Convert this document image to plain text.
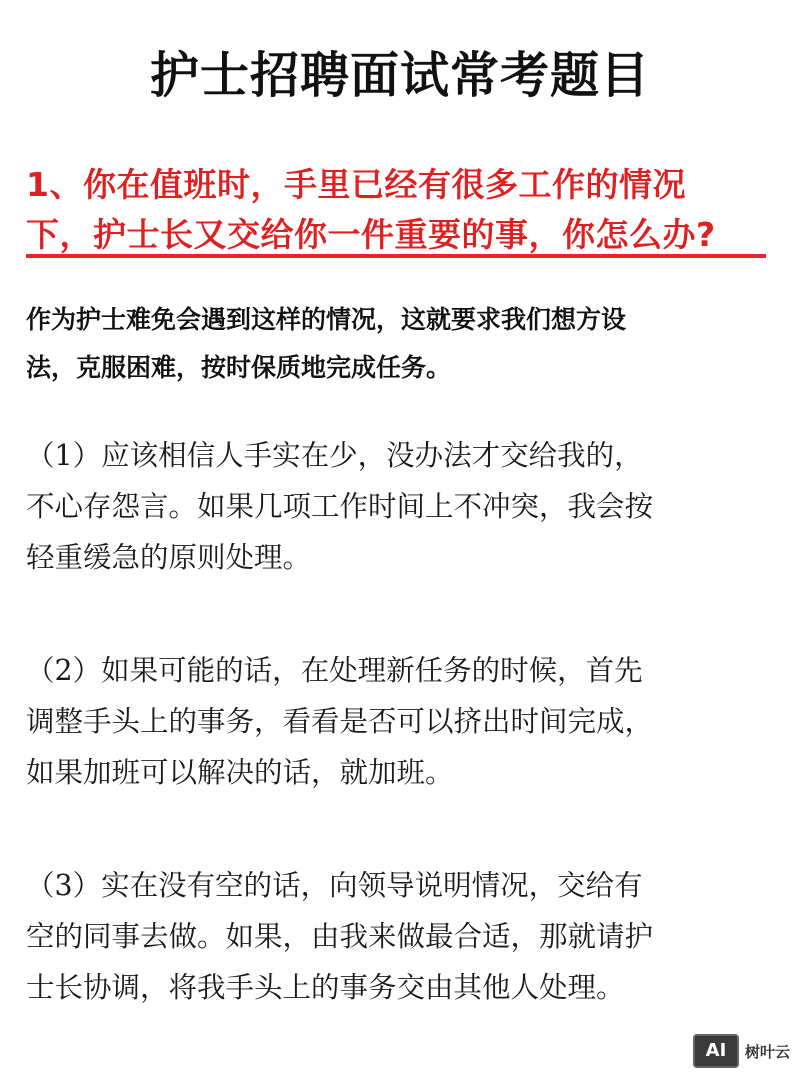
护士招聘面试常考题目
1、你在值班时，手里已经有很多工作的情况
下，护士长又交给你一件重要的事，你怎么办?
作为护士难免会遇到这样的情况，这就要求我们想方设
法，克服困难，按时保质地完成任务。
（1）应该相信人手实在少，没办法才交给我的，
不心存怨言。如果几项工作时间上不冲突，我会按
轻重缓急的原则处理。
（2）如果可能的话，在处理新任务的时候，首先
调整手头上的事务，看看是否可以挤出时间完成，
如果加班可以解决的话，就加班。
（3）实在没有空的话，向领导说明情况，交给有
空的同事去做。如果，由我来做最合适，那就请护
士长协调，将我手头上的事务交由其他人处理。
AI	树叶云
